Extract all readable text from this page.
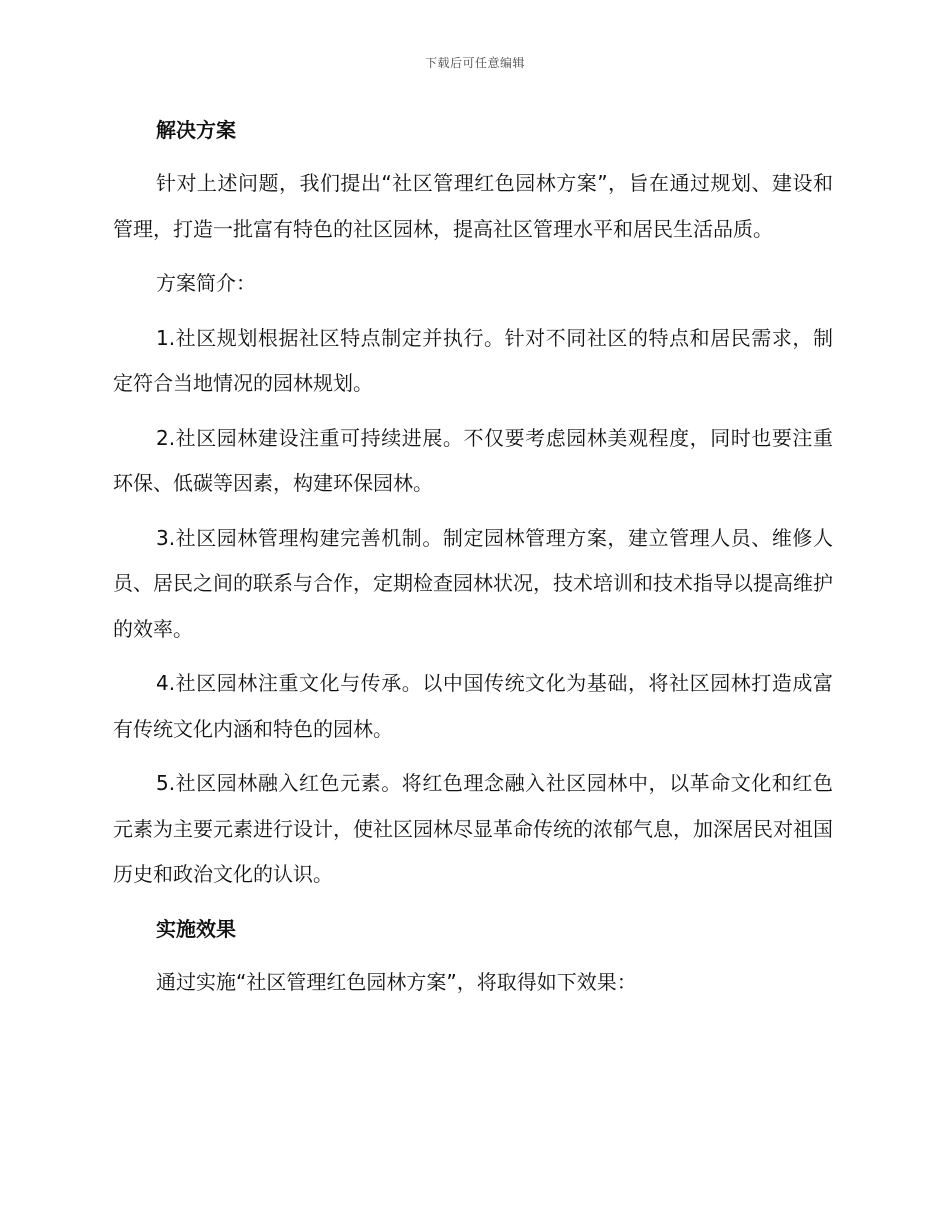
下载后可任意编辑
解决方案
针对上述问题，我们提出“社区管理红色园林方案”，旨在通过规划、建设和管理，打造一批富有特色的社区园林，提高社区管理水平和居民生活品质。
方案简介：
1.社区规划根据社区特点制定并执行。针对不同社区的特点和居民需求，制定符合当地情况的园林规划。
2.社区园林建设注重可持续进展。不仅要考虑园林美观程度，同时也要注重环保、低碳等因素，构建环保园林。
3.社区园林管理构建完善机制。制定园林管理方案，建立管理人员、维修人员、居民之间的联系与合作，定期检查园林状况，技术培训和技术指导以提高维护的效率。
4.社区园林注重文化与传承。以中国传统文化为基础，将社区园林打造成富有传统文化内涵和特色的园林。
5.社区园林融入红色元素。将红色理念融入社区园林中，以革命文化和红色元素为主要元素进行设计，使社区园林尽显革命传统的浓郁气息，加深居民对祖国历史和政治文化的认识。
实施效果
通过实施“社区管理红色园林方案”，将取得如下效果：
